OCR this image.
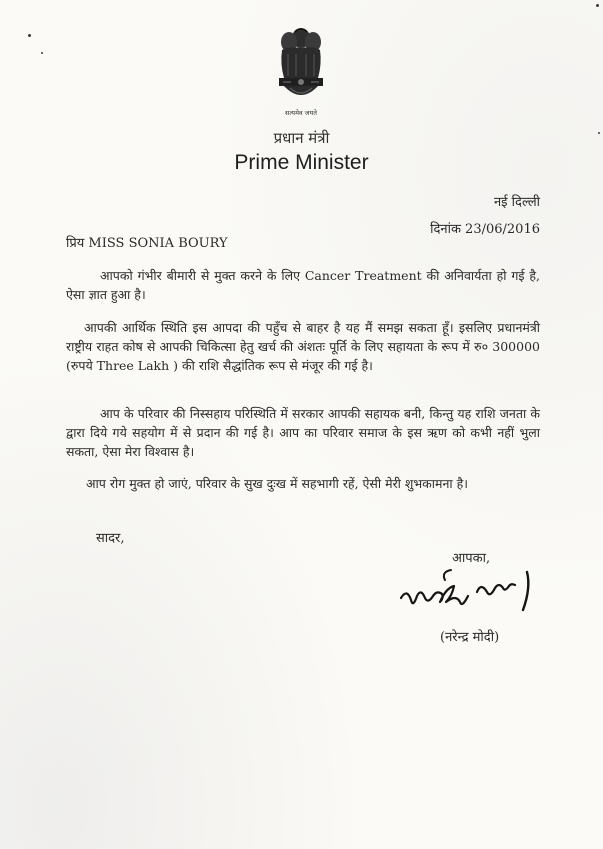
सत्यमेव जयते
प्रधान मंत्री
Prime Minister
नई दिल्ली
दिनांक 23/06/2016
प्रिय MISS SONIA BOURY

आपको गंभीर बीमारी से मुक्त करने के लिए Cancer Treatment की अनिवार्यता हो गई है, ऐसा ज्ञात हुआ है।

आपकी आर्थिक स्थिति इस आपदा की पहुँच से बाहर है यह मैं समझ सकता हूँ। इसलिए प्रधानमंत्री राष्ट्रीय राहत कोष से आपकी चिकित्सा हेतु खर्च की अंशतः पूर्ति के लिए सहायता के रूप में रु० 300000 (रुपये Three Lakh ) की राशि सैद्धांतिक रूप से मंजूर की गई है।

आप के परिवार की निस्सहाय परिस्थिति में सरकार आपकी सहायक बनी, किन्तु यह राशि जनता के द्वारा दिये गये सहयोग में से प्रदान की गई है। आप का परिवार समाज के इस ऋण को कभी नहीं भुला सकता, ऐसा मेरा विश्वास है।

आप रोग मुक्त हो जाएं, परिवार के सुख दुःख में सहभागी रहें, ऐसी मेरी शुभकामना है।

सादर,
आपका,
(नरेन्द्र मोदी)
